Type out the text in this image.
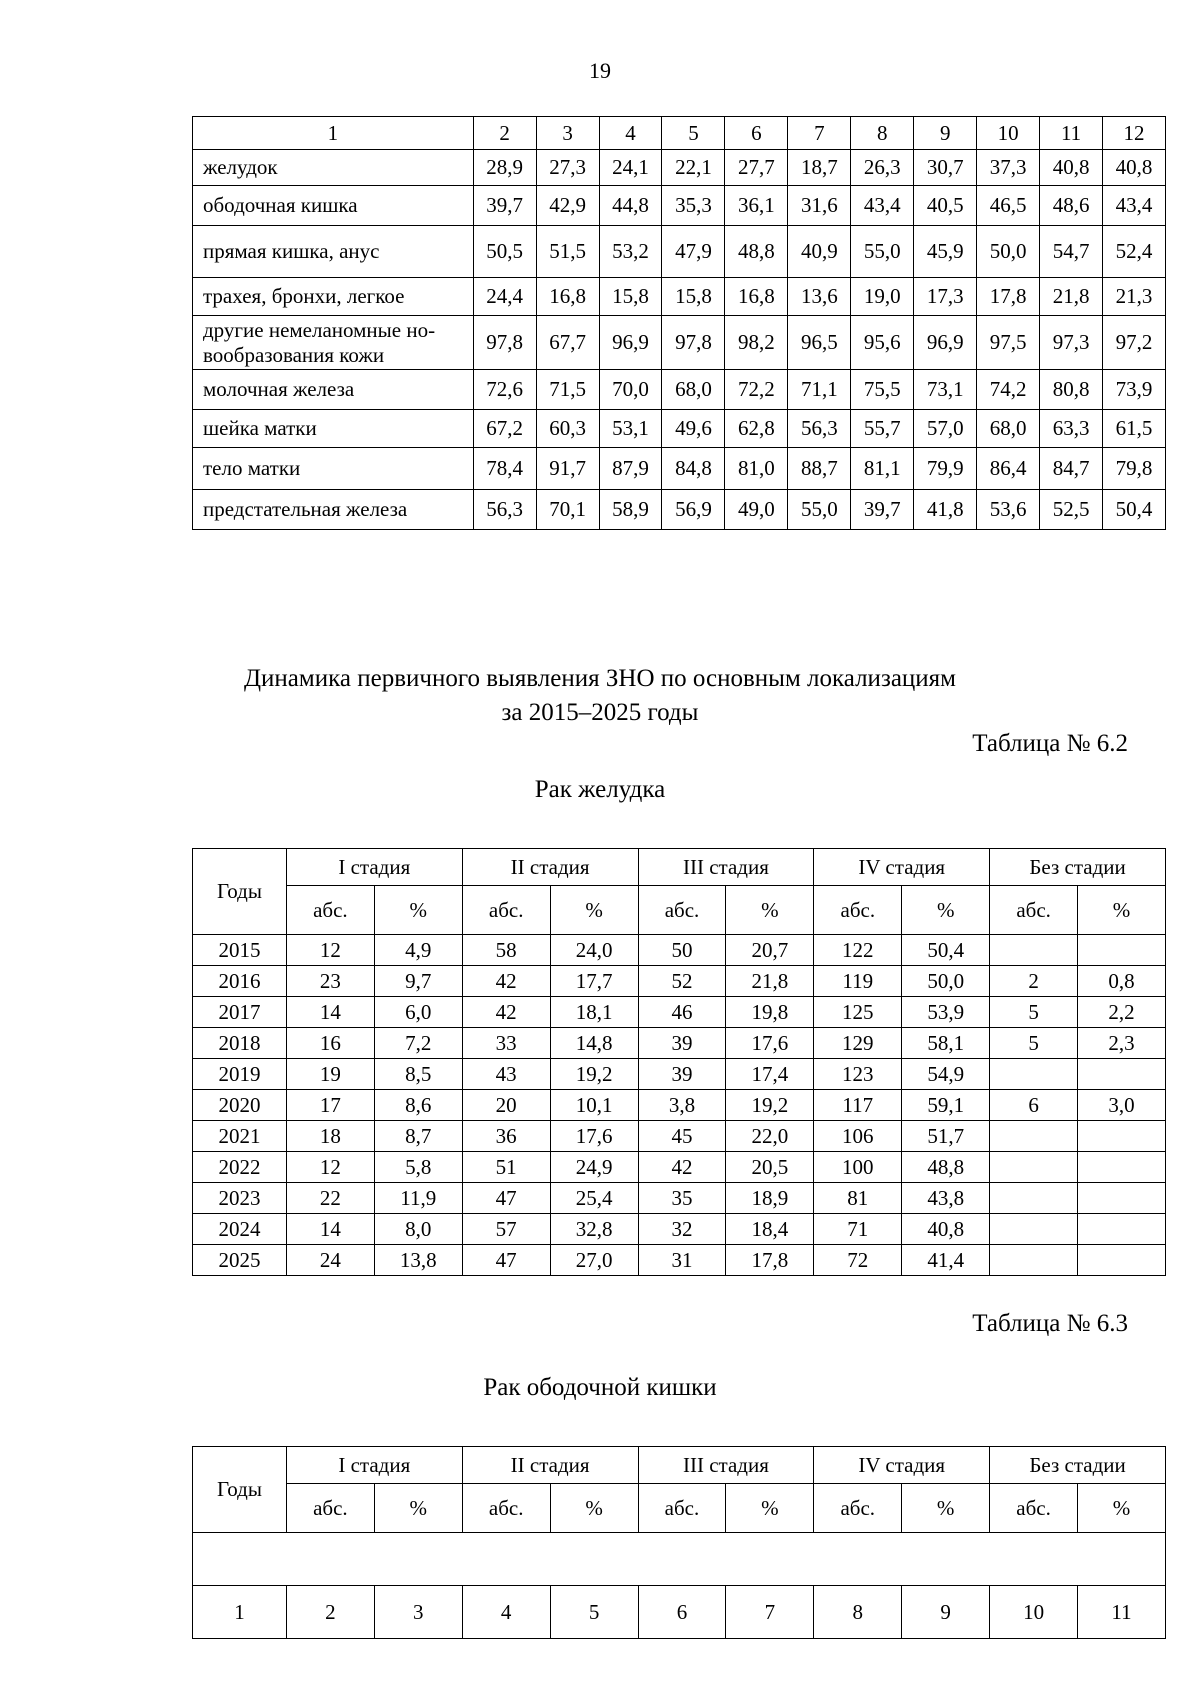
19
1	2	3	4	5	6	7	8	9	10	11	12
желудок	28,9	27,3	24,1	22,1	27,7	18,7	26,3	30,7	37,3	40,8	40,8
ободочная кишка	39,7	42,9	44,8	35,3	36,1	31,6	43,4	40,5	46,5	48,6	43,4
прямая кишка, анус	50,5	51,5	53,2	47,9	48,8	40,9	55,0	45,9	50,0	54,7	52,4
трахея, бронхи, легкое	24,4	16,8	15,8	15,8	16,8	13,6	19,0	17,3	17,8	21,8	21,3
другие немеланомные но-вообразования кожи	97,8	67,7	96,9	97,8	98,2	96,5	95,6	96,9	97,5	97,3	97,2
молочная железа	72,6	71,5	70,0	68,0	72,2	71,1	75,5	73,1	74,2	80,8	73,9
шейка матки	67,2	60,3	53,1	49,6	62,8	56,3	55,7	57,0	68,0	63,3	61,5
тело матки	78,4	91,7	87,9	84,8	81,0	88,7	81,1	79,9	86,4	84,7	79,8
предстательная железа	56,3	70,1	58,9	56,9	49,0	55,0	39,7	41,8	53,6	52,5	50,4
Динамика первичного выявления ЗНО по основным локализациям
за 2015–2025 годы
Таблица № 6.2
Рак желудка
Годы	I стадия		II стадия		III стадия		IV стадия		Без стадии	
	абс.	%	абс.	%	абс.	%	абс.	%	абс.	%
2015	12	4,9	58	24,0	50	20,7	122	50,4		
2016	23	9,7	42	17,7	52	21,8	119	50,0	2	0,8
2017	14	6,0	42	18,1	46	19,8	125	53,9	5	2,2
2018	16	7,2	33	14,8	39	17,6	129	58,1	5	2,3
2019	19	8,5	43	19,2	39	17,4	123	54,9		
2020	17	8,6	20	10,1	3,8	19,2	117	59,1	6	3,0
2021	18	8,7	36	17,6	45	22,0	106	51,7		
2022	12	5,8	51	24,9	42	20,5	100	48,8		
2023	22	11,9	47	25,4	35	18,9	81	43,8		
2024	14	8,0	57	32,8	32	18,4	71	40,8		
2025	24	13,8	47	27,0	31	17,8	72	41,4		
Таблица № 6.3
Рак ободочной кишки
Годы	I стадия		II стадия		III стадия		IV стадия		Без стадии	
	абс.	%	абс.	%	абс.	%	абс.	%	абс.	%

1	2	3	4	5	6	7	8	9	10	11
